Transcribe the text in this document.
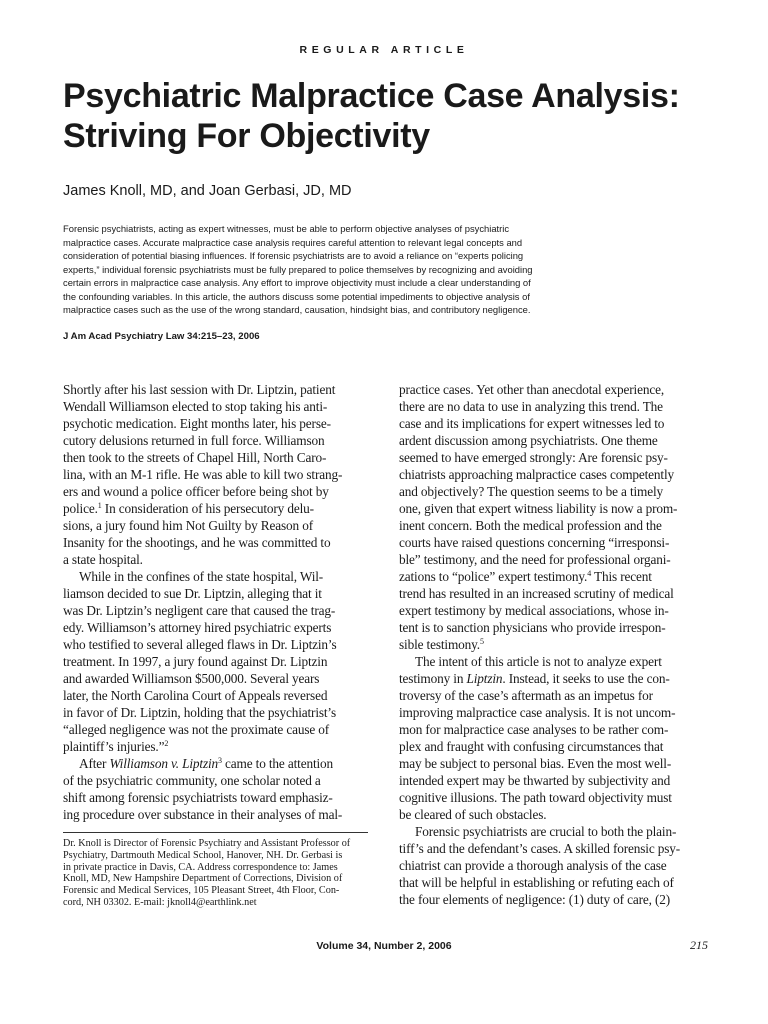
REGULAR ARTICLE
Psychiatric Malpractice Case Analysis:
Striving For Objectivity
James Knoll, MD, and Joan Gerbasi, JD, MD
Forensic psychiatrists, acting as expert witnesses, must be able to perform objective analyses of psychiatric
malpractice cases. Accurate malpractice case analysis requires careful attention to relevant legal concepts and
consideration of potential biasing influences. If forensic psychiatrists are to avoid a reliance on “experts policing
experts,” individual forensic psychiatrists must be fully prepared to police themselves by recognizing and avoiding
certain errors in malpractice case analysis. Any effort to improve objectivity must include a clear understanding of
the confounding variables. In this article, the authors discuss some potential impediments to objective analysis of
malpractice cases such as the use of the wrong standard, causation, hindsight bias, and contributory negligence.
J Am Acad Psychiatry Law 34:215–23, 2006
Shortly after his last session with Dr. Liptzin, patient
Wendall Williamson elected to stop taking his anti-
psychotic medication. Eight months later, his perse-
cutory delusions returned in full force. Williamson
then took to the streets of Chapel Hill, North Caro-
lina, with an M-1 rifle. He was able to kill two strang-
ers and wound a police officer before being shot by
police.$^1$ In consideration of his persecutory delu-
sions, a jury found him Not Guilty by Reason of
Insanity for the shootings, and he was committed to
a state hospital.
While in the confines of the state hospital, Wil-
liamson decided to sue Dr. Liptzin, alleging that it
was Dr. Liptzin’s negligent care that caused the trag-
edy. Williamson’s attorney hired psychiatric experts
who testified to several alleged flaws in Dr. Liptzin’s
treatment. In 1997, a jury found against Dr. Liptzin
and awarded Williamson $500,000. Several years
later, the North Carolina Court of Appeals reversed
in favor of Dr. Liptzin, holding that the psychiatrist’s
“alleged negligence was not the proximate cause of
plaintiff’s injuries.”$^2$
After Williamson v. Liptzin$^3$ came to the attention
of the psychiatric community, one scholar noted a
shift among forensic psychiatrists toward emphasiz-
ing procedure over substance in their analyses of mal-
Dr. Knoll is Director of Forensic Psychiatry and Assistant Professor of
Psychiatry, Dartmouth Medical School, Hanover, NH. Dr. Gerbasi is
in private practice in Davis, CA. Address correspondence to: James
Knoll, MD, New Hampshire Department of Corrections, Division of
Forensic and Medical Services, 105 Pleasant Street, 4th Floor, Con-
cord, NH 03302. E-mail: jknoll4@earthlink.net
practice cases. Yet other than anecdotal experience,
there are no data to use in analyzing this trend. The
case and its implications for expert witnesses led to
ardent discussion among psychiatrists. One theme
seemed to have emerged strongly: Are forensic psy-
chiatrists approaching malpractice cases competently
and objectively? The question seems to be a timely
one, given that expert witness liability is now a prom-
inent concern. Both the medical profession and the
courts have raised questions concerning “irresponsi-
ble” testimony, and the need for professional organi-
zations to “police” expert testimony.$^4$ This recent
trend has resulted in an increased scrutiny of medical
expert testimony by medical associations, whose in-
tent is to sanction physicians who provide irrespon-
sible testimony.$^5$
The intent of this article is not to analyze expert
testimony in Liptzin. Instead, it seeks to use the con-
troversy of the case’s aftermath as an impetus for
improving malpractice case analysis. It is not uncom-
mon for malpractice case analyses to be rather com-
plex and fraught with confusing circumstances that
may be subject to personal bias. Even the most well-
intended expert may be thwarted by subjectivity and
cognitive illusions. The path toward objectivity must
be cleared of such obstacles.
Forensic psychiatrists are crucial to both the plain-
tiff’s and the defendant’s cases. A skilled forensic psy-
chiatrist can provide a thorough analysis of the case
that will be helpful in establishing or refuting each of
the four elements of negligence: (1) duty of care, (2)
Volume 34, Number 2, 2006	215
